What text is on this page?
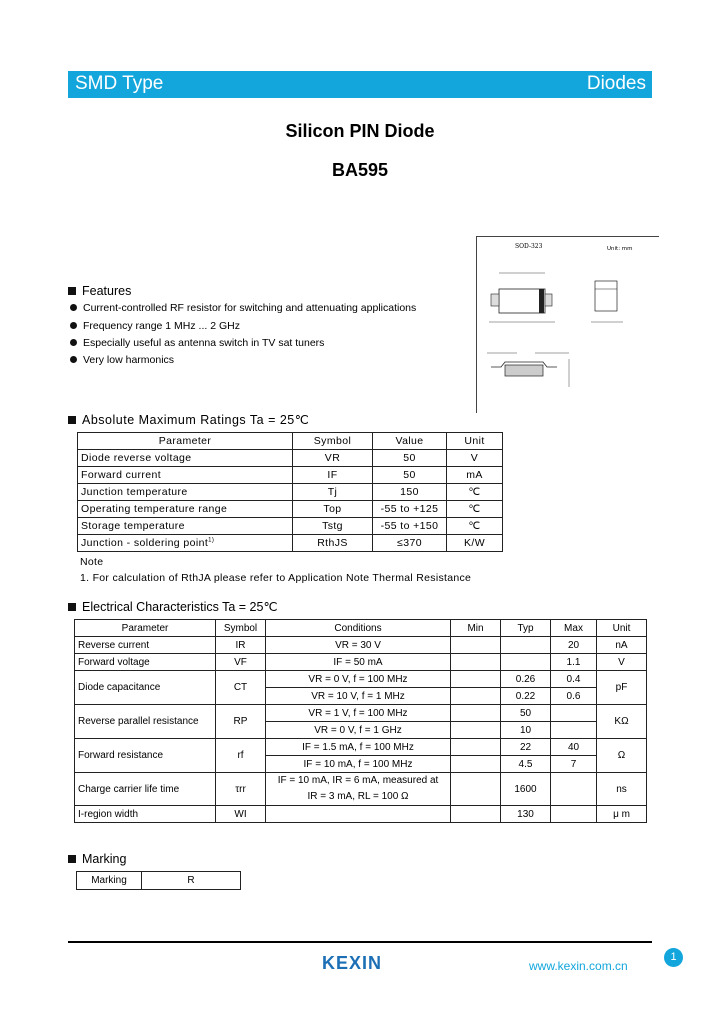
SMD Type	Diodes
Silicon PIN Diode
BA595
SOD-323	Unit: mm
Features
Current-controlled RF resistor for switching and attenuating applications
Frequency range 1 MHz ... 2 GHz
Especially useful as antenna switch in TV sat tuners
Very low harmonics
Absolute Maximum Ratings Ta = 25℃
Parameter	Symbol	Value	Unit
Diode reverse voltage	VR	50	V
Forward current	IF	50	mA
Junction temperature	Tj	150	℃
Operating temperature range	Top	-55 to +125	℃
Storage temperature	Tstg	-55 to +150	℃
Junction - soldering point$^{1)}$	RthJS	≤370	K/W
Note
1. For calculation of RthJA please refer to Application Note Thermal Resistance
Electrical Characteristics Ta = 25℃
Parameter	Symbol	Conditions	Min	Typ	Max	Unit
Reverse current	IR	VR = 30 V			20	nA
Forward voltage	VF	IF = 50 mA			1.1	V
Diode capacitance	CT	VR = 0 V, f = 100 MHz		0.26	0.4	pF
		VR = 10 V, f = 1 MHz		0.22	0.6	
Reverse parallel resistance	RP	VR = 1 V, f = 100 MHz		50		KΩ
		VR = 0 V, f = 1 GHz		10		
Forward resistance	rf	IF = 1.5 mA, f = 100 MHz		22	40	Ω
		IF = 10 mA, f = 100 MHz		4.5	7	
Charge carrier life time	τrr	IF = 10 mA, IR = 6 mA, measured at
IR = 3 mA, RL = 100 Ω		1600		ns
I-region width	WI			130		μ m
Marking
Marking	R
KEXIN	www.kexin.com.cn
1
